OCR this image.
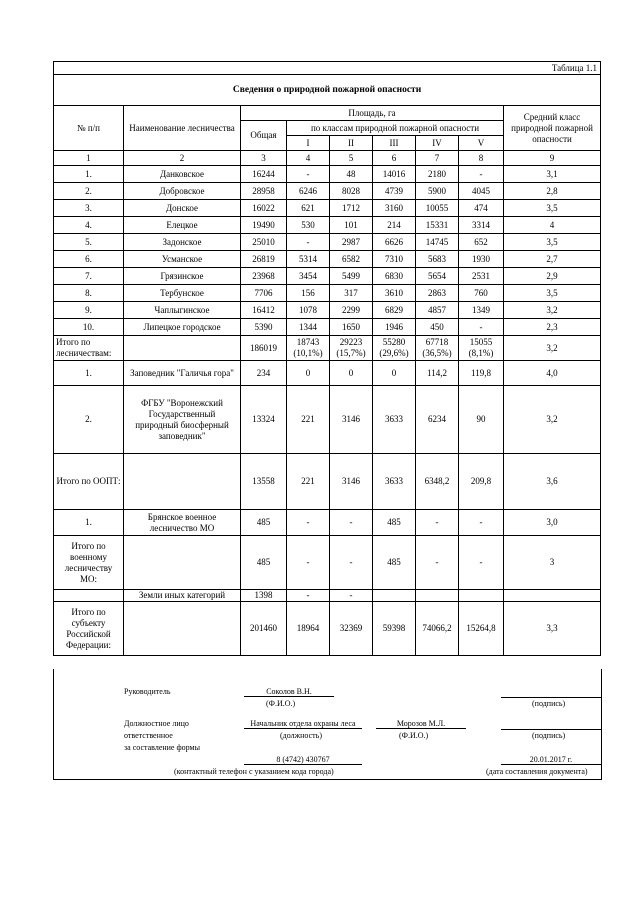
Таблица 1.1								
Сведения о природной пожарной опасности								
№ п/п	Наименование лесничества	Площадь, га						Средний класс природной пожарной опасности
		Общая	по классам природной пожарной опасности					
			I	II	III	IV	V	
1	2	3	4	5	6	7	8	9
1.	Данковское	16244	-	48	14016	2180	-	3,1
2.	Добровское	28958	6246	8028	4739	5900	4045	2,8
3.	Донское	16022	621	1712	3160	10055	474	3,5
4.	Елецкое	19490	530	101	214	15331	3314	4
5.	Задонское	25010	-	2987	6626	14745	652	3,5
6.	Усманское	26819	5314	6582	7310	5683	1930	2,7
7.	Грязинское	23968	3454	5499	6830	5654	2531	2,9
8.	Тербунское	7706	156	317	3610	2863	760	3,5
9.	Чаплыгинское	16412	1078	2299	6829	4857	1349	3,2
10.	Липецкое городское	5390	1344	1650	1946	450	-	2,3
Итого по лесничествам:		186019	18743 (10,1%)	29223 (15,7%)	55280 (29,6%)	67718 (36,5%)	15055 (8,1%)	3,2
1.	Заповедник "Галичья гора"	234	0	0	0	114,2	119,8	4,0
2.	ФГБУ "Воронежский Государственный природный биосферный заповедник"	13324	221	3146	3633	6234	90	3,2
Итого по ООПТ:		13558	221	3146	3633	6348,2	209,8	3,6
1.	Брянское военное лесничество МО	485	-	-	485	-	-	3,0
Итого по военному лесничеству МО:		485	-	-	485	-	-	3
	Земли иных категорий	1398	-	-				
Итого по субъекту Российской Федерации:		201460	18964	32369	59398	74066,2	15264,8	3,3
Руководитель	Соколов В.Н.
(Ф.И.О.)	(подпись)
Должностное лицо
ответственное
за составление формы
Начальник отдела охраны леса
(должность)
Морозов М.Л.
(Ф.И.О.)	(подпись)
8 (4742) 430767
(контактный телефон с указанием кода города)
20.01.2017 г.
(дата составления документа)
